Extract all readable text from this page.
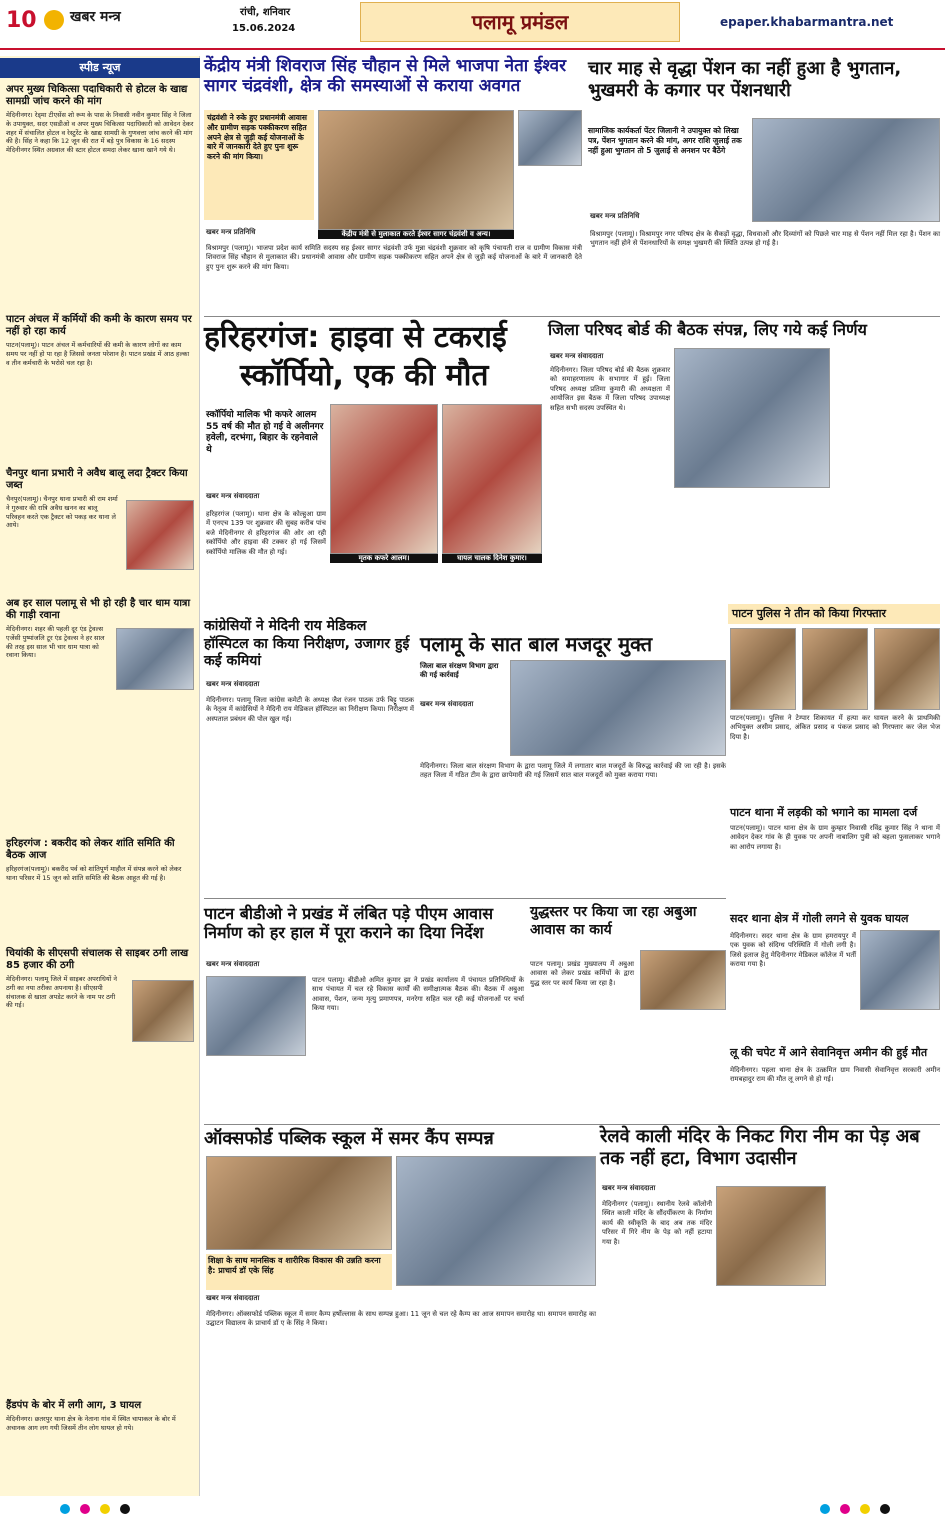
10 खबर मन्त्र	रांची, शनिवार
15.06.2024	पलामू प्रमंडल	epaper.khabarmantra.net
स्पीड न्यूज
अपर मुख्य चिकित्सा पदाधिकारी से होटल के खाद्य सामग्री जांच करने की मांग
मेदिनीनगर। रेड्मा टीएसेंस शो रूम के पास के निवासी नवीन कुमार सिंह ने जिला के उपायुक्त, सदर एसडीओ व अपर मुख्य चिकित्सा पदाधिकारी को आवेदन देकर शहर में संचालित होटल व रेस्टुरेंट के खाद्य सामग्री के गुणवत्ता जांच करने की मांग की है। सिंह ने कहा कि 12 जून की रात में बड़े पुत्र विकास के 16 सदस्य मेदिनीनगर स्थित अग्रवाल की स्टार होटल समदा लेकर खाना खाने गये थे।
पाटन अंचल में कर्मियों की कमी के कारण समय पर नहीं हो रहा कार्य
पाटन(पलामू)। पाटन अंचल में कर्मचारियों की कमी के कारण लोगों का काम समय पर नहीं हो पा रहा है जिससे जनता परेशान है। पाटन प्रखंड में आठ हल्का व तीन कर्मचारी के भरोसे चल रहा है।
चैनपुर थाना प्रभारी ने अवैध बालू लदा ट्रैक्टर किया जब्त
चैनपुर(पलामू)। चैनपुर थाना प्रभारी श्री राम शर्मा ने गुरुवार की रात्रि अवैध खनन का बालू परिवहन करते एक ट्रैक्टर को पकड़ कर थाना ले आये।
अब हर साल पलामू से भी हो रही है चार धाम यात्रा की गाड़ी रवाना
मेदिनीनगर। शहर की पहली दूर एंड ट्रेवल्स एजेंसी पुष्पांजलि टूर एंड ट्रेवल्स ने हर साल की तरह इस साल भी चार धाम यात्रा को रवाना किया।
हरिहरगंज : बकरीद को लेकर शांति समिति की बैठक आज
हरिहरगंज(पलामू)। बकरीद पर्व को शांतिपूर्ण माहौल में संपन्न करने को लेकर थाना परिसर में 15 जून को शांति समिति की बैठक आहूत की गई है।
चियांकी के सीएसपी संचालक से साइबर ठगी लाख 85 हजार की ठगी
मेदिनीनगर। पलामू जिले में साइबर अपराधियों ने ठगी का नया तरीका अपनाया है। सीएसपी संचालक से खाता अपडेट करने के नाम पर ठगी की गई।
हैंडपंप के बोर में लगी आग, 3 घायल
मेदिनीनगर। छतरपुर थाना क्षेत्र के नेताना गांव में स्थित चापाकल के बोर में अचानक आग लग गयी जिसमें तीन लोग घायल हो गये।
केंद्रीय मंत्री शिवराज सिंह चौहान से मिले भाजपा नेता ईश्वर सागर चंद्रवंशी, क्षेत्र की समस्याओं से कराया अवगत
चंद्रवंशी ने रुके हुए प्रधानमंत्री आवास और ग्रामीण सड़क पक्कीकरण सहित अपने क्षेत्र से जुड़ी कई योजनाओं के बारे में जानकारी देते हुए पुनः शुरू करने की मांग किया।
केंद्रीय मंत्री से मुलाकात करते ईश्वर सागर चंद्रवंशी व अन्य।
खबर मन्त्र प्रतिनिधि
विश्रामपुर (पलामू)। भाजपा प्रदेश कार्य समिति सदस्य सह ईश्वर सागर चंद्रवंशी उर्फ मुन्ना चंद्रवंशी शुक्रवार को कृषि पंचायती राज व ग्रामीण विकास मंत्री शिवराज सिंह चौहान से मुलाकात की। प्रधानमंत्री आवास और ग्रामीण सड़क पक्कीकरण सहित अपने क्षेत्र से जुड़ी कई योजनाओं के बारे में जानकारी देते हुए पुनः शुरू करने की मांग किया।
चार माह से वृद्धा पेंशन का नहीं हुआ है भुगतान, भुखमरी के कगार पर पेंशनधारी
सामाजिक कार्यकर्ता पेंटर जिलानी ने उपायुक्त को लिखा पत्र, पेंशन भुगतान करने की मांग, अगर राशि जुलाई तक नहीं हुआ भुगतान तो 5 जुलाई से अनशन पर बैठेंगे
खबर मन्त्र प्रतिनिधि
विश्रामपुर (पलामू)। विश्रामपुर नगर परिषद क्षेत्र के सैकड़ों वृद्धा, विधवाओं और दिव्यांगों को पिछले चार माह से पेंशन नहीं मिल रहा है। पेंशन का भुगतान नहीं होने से पेंशनधारियों के समक्ष भुखमरी की स्थिति उत्पन्न हो गई है।
हरिहरगंज: हाइवा से टकराई
स्कॉर्पियो, एक की मौत
स्कॉर्पियो मालिक भी कफरे आलम 55 वर्ष की मौत हो गई वे अलीनगर हवेली, दरभंगा, बिहार के रहनेवाले थे
मृतक कफरे आलम।	घायल चालक दिनेश कुमार।
खबर मन्त्र संवाददाता
हरिहरगंज (पलामू)। थाना क्षेत्र के कोल्हुआ ग्राम में एनएच 139 पर शुक्रवार की सुबह करीब पांच बजे मेदिनीनगर से हरिहरगंज की ओर आ रही स्कॉर्पियो और हाइवा की टक्कर हो गई जिसमें स्कॉर्पियो मालिक की मौत हो गई।
जिला परिषद बोर्ड की बैठक संपन्न, लिए गये कई निर्णय
खबर मन्त्र संवाददाता
मेदिनीनगर। जिला परिषद बोर्ड की बैठक शुक्रवार को समाहरणालय के सभागार में हुई। जिला परिषद अध्यक्ष प्रतिमा कुमारी की अध्यक्षता में आयोजित इस बैठक में जिला परिषद उपाध्यक्ष सहित सभी सदस्य उपस्थित थे।
पाटन पुलिस ने तीन को किया गिरफ्तार
पाटन(पलामू)। पुलिस ने टेम्पार शिकायत में हत्या कर घायल करने के प्राथमिकी अभियुक्त असीम प्रसाद, अंकित प्रसाद व पंकज प्रसाद को गिरफ्तार कर जेल भेज दिया है।
पाटन थाना में लड़की को भगाने का मामला दर्ज
पाटन(पलामू)। पाटन थाना क्षेत्र के ग्राम कुम्हार निवासी रविंद्र कुमार सिंह ने थाना में आवेदन देकर गांव के ही युवक पर अपनी नाबालिग पुत्री को बहला फुसलाकर भगाने का आरोप लगाया है।
सदर थाना क्षेत्र में गोली लगने से युवक घायल
मेदिनीनगर। सदर थाना क्षेत्र के ग्राम हमरायपुर में एक युवक को संदिग्ध परिस्थिति में गोली लगी है। जिसे इलाज हेतु मेदिनीनगर मेडिकल कॉलेज में भर्ती कराया गया है।
लू की चपेट में आने सेवानिवृत्त अमीन की हुई मौत
मेदिनीनगर। पहला थाना क्षेत्र के उत्क्रमित ग्राम निवासी सेवानिवृत्त सरकारी अमीन रामबहादुर राम की मौत लू लगने से हो गई।
कांग्रेसियों ने मेदिनी राय मेडिकल हॉस्पिटल का किया निरीक्षण, उजागर हुई कई कमियां
खबर मन्त्र संवाददाता
मेदिनीनगर। पलामू जिला कांग्रेस कमेटी के अध्यक्ष जैश रंजन पाठक उर्फ बिट्टू पाठक के नेतृत्व में कांग्रेसियों ने मेदिनी राय मेडिकल हॉस्पिटल का निरीक्षण किया। निरीक्षण में अस्पताल प्रबंधन की पोल खुल गई।
पलामू के सात बाल मजदूर मुक्त
जिला बाल संरक्षण विभाग द्वारा की गई कार्रवाई
खबर मन्त्र संवाददाता
मेदिनीनगर। जिला बाल संरक्षण विभाग के द्वारा पलामू जिले में लगातार बाल मजदूरों के विरुद्ध कार्रवाई की जा रही है। इसके तहत जिला में गठित टीम के द्वारा छापेमारी की गई जिसमें सात बाल मजदूरों को मुक्त कराया गया।
पाटन बीडीओ ने प्रखंड में लंबित पड़े पीएम आवास निर्माण को हर हाल में पूरा कराने का दिया निर्देश
खबर मन्त्र संवाददाता
पाटन पलामू। बीडीओ अमित कुमार झा ने प्रखंड कार्यालय में पंचायत प्रतिनिधियों के साथ पंचायत में चल रहे विकास कार्यों की समीक्षात्मक बैठक की। बैठक में अबुआ आवास, पेंशन, जन्म मृत्यु प्रमाणपत्र, मनरेगा सहित चल रही कई योजनाओं पर चर्चा किया गया।
युद्धस्तर पर किया जा रहा अबुआ आवास का कार्य
पाटन पलामू। प्रखंड मुख्यालय में अबुआ आवास को लेकर प्रखंड कर्मियों के द्वारा युद्ध स्तर पर कार्य किया जा रहा है।
ऑक्सफोर्ड पब्लिक स्कूल में समर कैंप सम्पन्न
शिक्षा के साथ मानसिक व शारीरिक विकास की उन्नति करना है: प्राचार्य डॉ एके सिंह
खबर मन्त्र संवाददाता
मेदिनीनगर। ऑक्सफोर्ड पब्लिक स्कूल में समर कैम्प हर्षोल्लास के साथ सम्पन्न हुआ। 11 जून से चल रहे कैम्प का आज समापन समारोह था। समापन समारोह का उद्घाटन विद्यालय के प्राचार्य डॉ ए के सिंह ने किया।
रेलवे काली मंदिर के निकट गिरा नीम का पेड़ अब तक नहीं हटा, विभाग उदासीन
खबर मन्त्र संवाददाता
मेदिनीनगर (पलामू)। स्थानीय रेलवे कॉलोनी स्थित काली मंदिर के सौंदर्यीकरण के निर्माण कार्य की स्वीकृति के बाद अब तक मंदिर परिसर में गिरे नीम के पेड़ को नहीं हटाया गया है।
